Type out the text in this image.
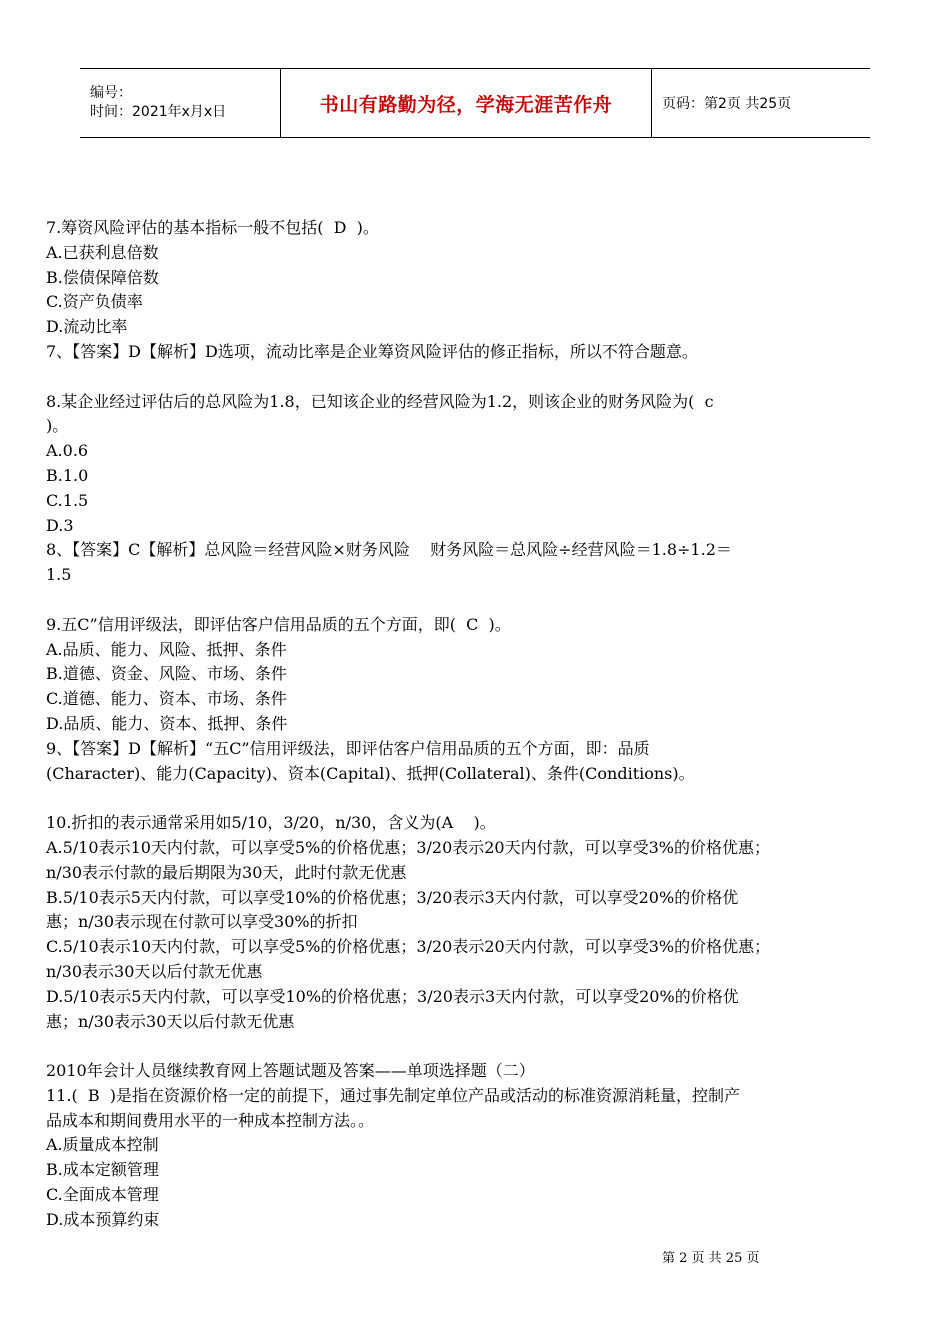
编号：
时间：2021年x月x日	书山有路勤为径，学海无涯苦作舟	页码：第2页 共25页
7.筹资风险评估的基本指标一般不包括(  D  )。
A.已获利息倍数
B.偿债保障倍数
C.资产负债率
D.流动比率
7、【答案】D【解析】D选项，流动比率是企业筹资风险评估的修正指标，所以不符合题意。
8.某企业经过评估后的总风险为1.8，已知该企业的经营风险为1.2，则该企业的财务风险为(  c
)。
A.0.6
B.1.0
C.1.5
D.3
8、【答案】C【解析】总风险＝经营风险×财务风险    财务风险＝总风险÷经营风险＝1.8÷1.2＝
1.5
9.五C”信用评级法，即评估客户信用品质的五个方面，即(  C  )。
A.品质、能力、风险、抵押、条件
B.道德、资金、风险、市场、条件
C.道德、能力、资本、市场、条件
D.品质、能力、资本、抵押、条件
9、【答案】D【解析】“五C”信用评级法，即评估客户信用品质的五个方面，即：品质
(Character)、能力(Capacity)、资本(Capital)、抵押(Collateral)、条件(Conditions)。
10.折扣的表示通常采用如5/10，3/20，n/30，含义为(A    )。
A.5/10表示10天内付款，可以享受5%的价格优惠；3/20表示20天内付款，可以享受3%的价格优惠；
n/30表示付款的最后期限为30天，此时付款无优惠
B.5/10表示5天内付款，可以享受10%的价格优惠；3/20表示3天内付款，可以享受20%的价格优
惠；n/30表示现在付款可以享受30%的折扣
C.5/10表示10天内付款，可以享受5%的价格优惠；3/20表示20天内付款，可以享受3%的价格优惠；
n/30表示30天以后付款无优惠
D.5/10表示5天内付款，可以享受10%的价格优惠；3/20表示3天内付款，可以享受20%的价格优
惠；n/30表示30天以后付款无优惠
2010年会计人员继续教育网上答题试题及答案——单项选择题（二）
11.(  B  )是指在资源价格一定的前提下，通过事先制定单位产品或活动的标准资源消耗量，控制产
品成本和期间费用水平的一种成本控制方法。。
A.质量成本控制
B.成本定额管理
C.全面成本管理
D.成本预算约束
第 2 页 共 25 页
